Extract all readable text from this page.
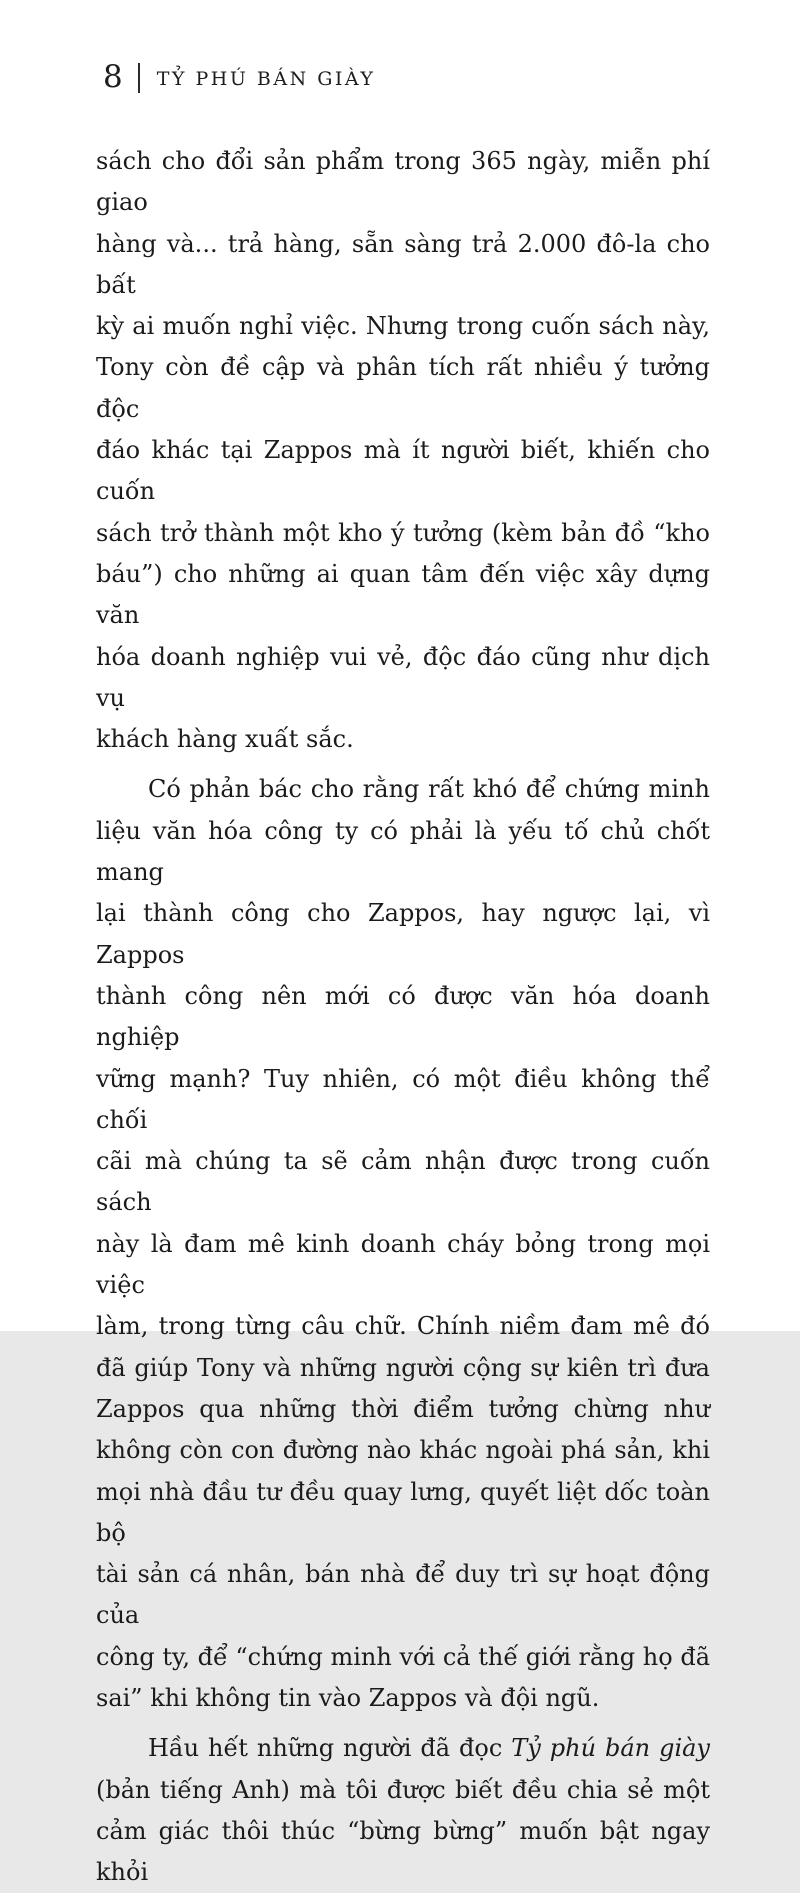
8 TỶ PHÚ BÁN GIÀY
sách cho đổi sản phẩm trong 365 ngày, miễn phí giao
hàng và... trả hàng, sẵn sàng trả 2.000 đô-la cho bất
kỳ ai muốn nghỉ việc. Nhưng trong cuốn sách này,
Tony còn đề cập và phân tích rất nhiều ý tưởng độc
đáo khác tại Zappos mà ít người biết, khiến cho cuốn
sách trở thành một kho ý tưởng (kèm bản đồ “kho
báu”) cho những ai quan tâm đến việc xây dựng văn
hóa doanh nghiệp vui vẻ, độc đáo cũng như dịch vụ
khách hàng xuất sắc.
Có phản bác cho rằng rất khó để chứng minh
liệu văn hóa công ty có phải là yếu tố chủ chốt mang
lại thành công cho Zappos, hay ngược lại, vì Zappos
thành công nên mới có được văn hóa doanh nghiệp
vững mạnh? Tuy nhiên, có một điều không thể chối
cãi mà chúng ta sẽ cảm nhận được trong cuốn sách
này là đam mê kinh doanh cháy bỏng trong mọi việc
làm, trong từng câu chữ. Chính niềm đam mê đó
đã giúp Tony và những người cộng sự kiên trì đưa
Zappos qua những thời điểm tưởng chừng như
không còn con đường nào khác ngoài phá sản, khi
mọi nhà đầu tư đều quay lưng, quyết liệt dốc toàn bộ
tài sản cá nhân, bán nhà để duy trì sự hoạt động của
công ty, để “chứng minh với cả thế giới rằng họ đã
sai” khi không tin vào Zappos và đội ngũ.
Hầu hết những người đã đọc Tỷ phú bán giày
(bản tiếng Anh) mà tôi được biết đều chia sẻ một
cảm giác thôi thúc “bừng bừng” muốn bật ngay khỏi
